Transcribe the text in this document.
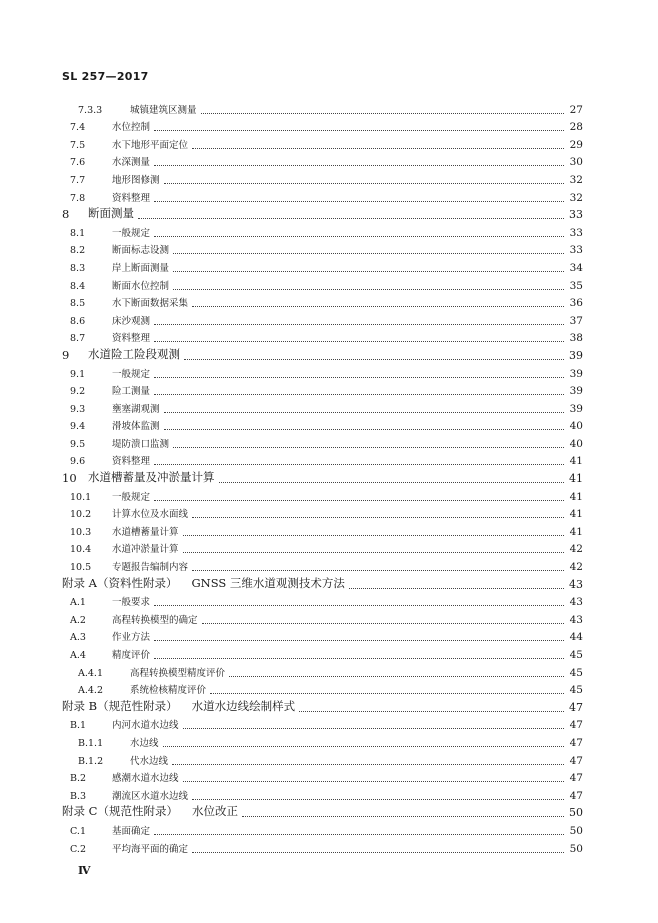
SL 257—2017
7.3.3	城镇建筑区测量	27
7.4	水位控制	28
7.5	水下地形平面定位	29
7.6	水深测量	30
7.7	地形图修测	32
7.8	资料整理	32
8	断面测量	33
8.1	一般规定	33
8.2	断面标志设测	33
8.3	岸上断面测量	34
8.4	断面水位控制	35
8.5	水下断面数据采集	36
8.6	床沙观测	37
8.7	资料整理	38
9	水道险工险段观测	39
9.1	一般规定	39
9.2	险工测量	39
9.3	壅塞湖观测	39
9.4	滑坡体监测	40
9.5	堤防溃口监测	40
9.6	资料整理	41
10 水道槽蓄量及冲淤量计算	41
10.1	一般规定	41
10.2	计算水位及水面线	41
10.3	水道槽蓄量计算	41
10.4	水道冲淤量计算	42
10.5	专题报告编制内容	42
附录 A（资料性附录） GNSS 三维水道观测技术方法	43
A.1	一般要求	43
A.2	高程转换模型的确定	43
A.3	作业方法	44
A.4	精度评价	45
A.4.1	高程转换模型精度评价	45
A.4.2	系统检核精度评价	45
附录 B（规范性附录） 水道水边线绘制样式	47
B.1	内河水道水边线	47
B.1.1	水边线	47
B.1.2	代水边线	47
B.2	感潮水道水边线	47
B.3	潮流区水道水边线	47
附录 C（规范性附录） 水位改正	50
C.1	基面确定	50
C.2	平均海平面的确定	50
Ⅳ
